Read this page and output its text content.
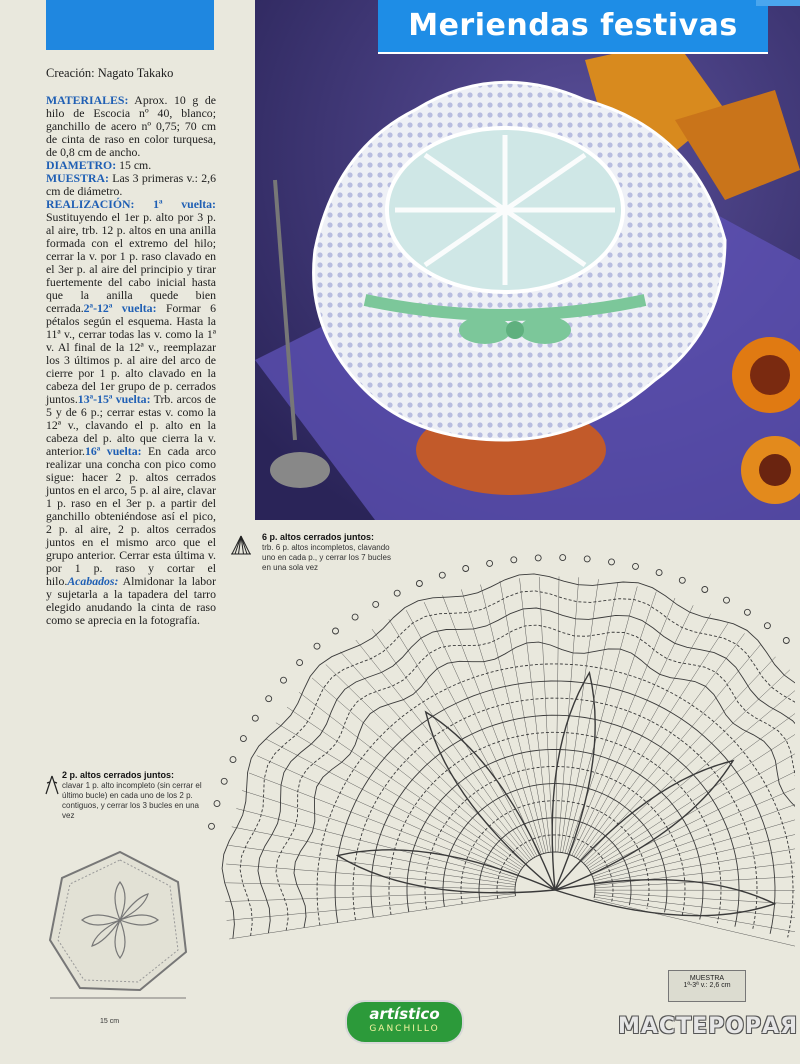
Meriendas festivas
Creación: Nagato Takako

MATERIALES: Aprox. 10 g de hilo de Escocia nº 40, blanco; ganchillo de acero nº 0,75; 70 cm de cinta de raso en color turquesa, de 0,8 cm de ancho.

DIAMETRO: 15 cm.

MUESTRA: Las 3 primeras v.: 2,6 cm de diámetro.

REALIZACIÓN: 1ª vuelta: Sustituyendo el 1er p. alto por 3 p. al aire, trb. 12 p. altos en una anilla formada con el extremo del hilo; cerrar la v. por 1 p. raso clavado en el 3er p. al aire del principio y tirar fuertemente del cabo inicial hasta que la anilla quede bien cerrada.2ª-12ª vuelta: Formar 6 pétalos según el esquema. Hasta la 11ª v., cerrar todas las v. como la 1ª v. Al final de la 12ª v., reemplazar los 3 últimos p. al aire del arco de cierre por 1 p. alto clavado en la cabeza del 1er grupo de p. cerrados juntos.13ª-15ª vuelta: Trb. arcos de 5 y de 6 p.; cerrar estas v. como la 12ª v., clavando el p. alto en la cabeza del p. alto que cierra la v. anterior.16ª vuelta: En cada arco realizar una concha con pico como sigue: hacer 2 p. altos cerrados juntos en el arco, 5 p. al aire, clavar 1 p. raso en el 3er p. a partir del ganchillo obteniéndose así el pico, 2 p. al aire, 2 p. altos cerrados juntos en el mismo arco que el grupo anterior. Cerrar esta última v. por 1 p. raso y cortar el hilo.Acabados: Almidonar la labor y sujetarla a la tapadera del tarro elegido anudando la cinta de raso como se aprecia en la fotografía.

6 p. altos cerrados juntos:
trb. 6 p. altos incompletos, clavando uno en cada p., y cerrar los 7 bucles en una sola vez
2 p. altos cerrados juntos:
clavar 1 p. alto incompleto (sin cerrar el último bucle) en cada uno de los 2 p. contiguos, y cerrar los 3 bucles en una vez
15 cm	artístico
GANCHILLO
MUESTRA
1ª-3ª v.: 2,6 cm
МАСТЕРОРАЯ
